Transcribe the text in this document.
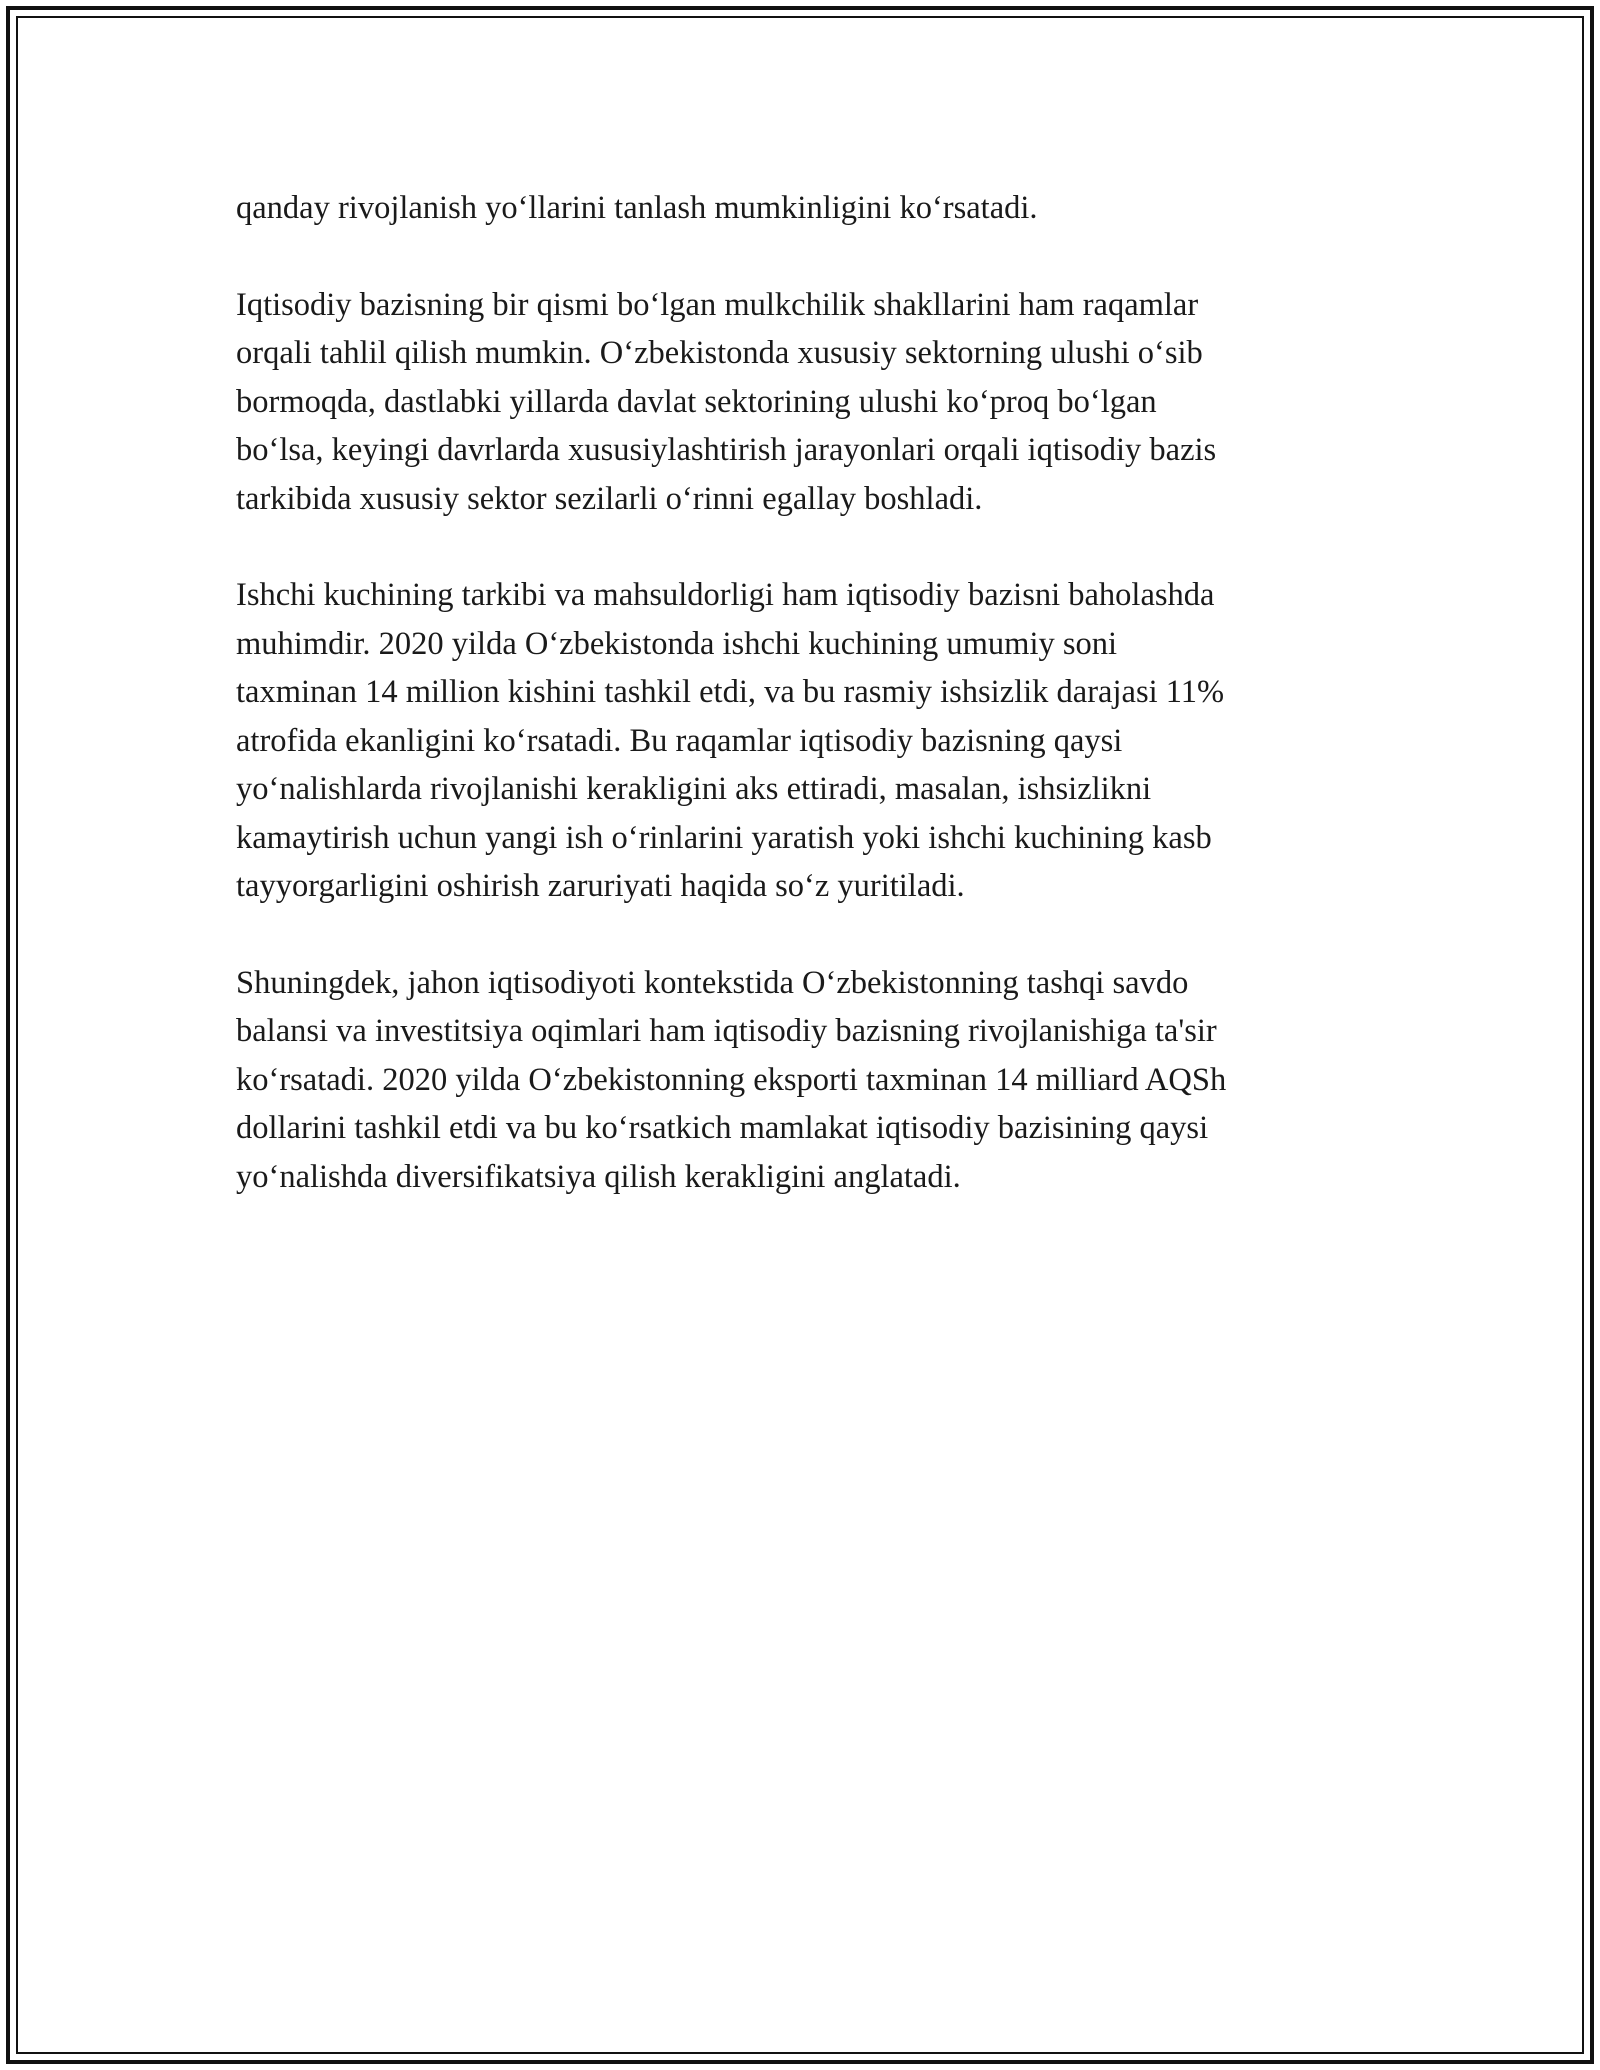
qanday rivojlanish yoʻllarini tanlash mumkinligini koʻrsatadi.

Iqtisodiy bazisning bir qismi boʻlgan mulkchilik shakllarini ham raqamlar
orqali tahlil qilish mumkin. Oʻzbekistonda xususiy sektorning ulushi oʻsib
bormoqda, dastlabki yillarda davlat sektorining ulushi koʻproq boʻlgan
boʻlsa, keyingi davrlarda xususiylashtirish jarayonlari orqali iqtisodiy bazis
tarkibida xususiy sektor sezilarli oʻrinni egallay boshladi.

Ishchi kuchining tarkibi va mahsuldorligi ham iqtisodiy bazisni baholashda
muhimdir. 2020 yilda Oʻzbekistonda ishchi kuchining umumiy soni
taxminan 14 million kishini tashkil etdi, va bu rasmiy ishsizlik darajasi 11%
atrofida ekanligini koʻrsatadi. Bu raqamlar iqtisodiy bazisning qaysi
yoʻnalishlarda rivojlanishi kerakligini aks ettiradi, masalan, ishsizlikni
kamaytirish uchun yangi ish oʻrinlarini yaratish yoki ishchi kuchining kasb
tayyorgarligini oshirish zaruriyati haqida soʻz yuritiladi.

Shuningdek, jahon iqtisodiyoti kontekstida Oʻzbekistonning tashqi savdo
balansi va investitsiya oqimlari ham iqtisodiy bazisning rivojlanishiga ta'sir
koʻrsatadi. 2020 yilda Oʻzbekistonning eksporti taxminan 14 milliard AQSh
dollarini tashkil etdi va bu koʻrsatkich mamlakat iqtisodiy bazisining qaysi
yoʻnalishda diversifikatsiya qilish kerakligini anglatadi.
